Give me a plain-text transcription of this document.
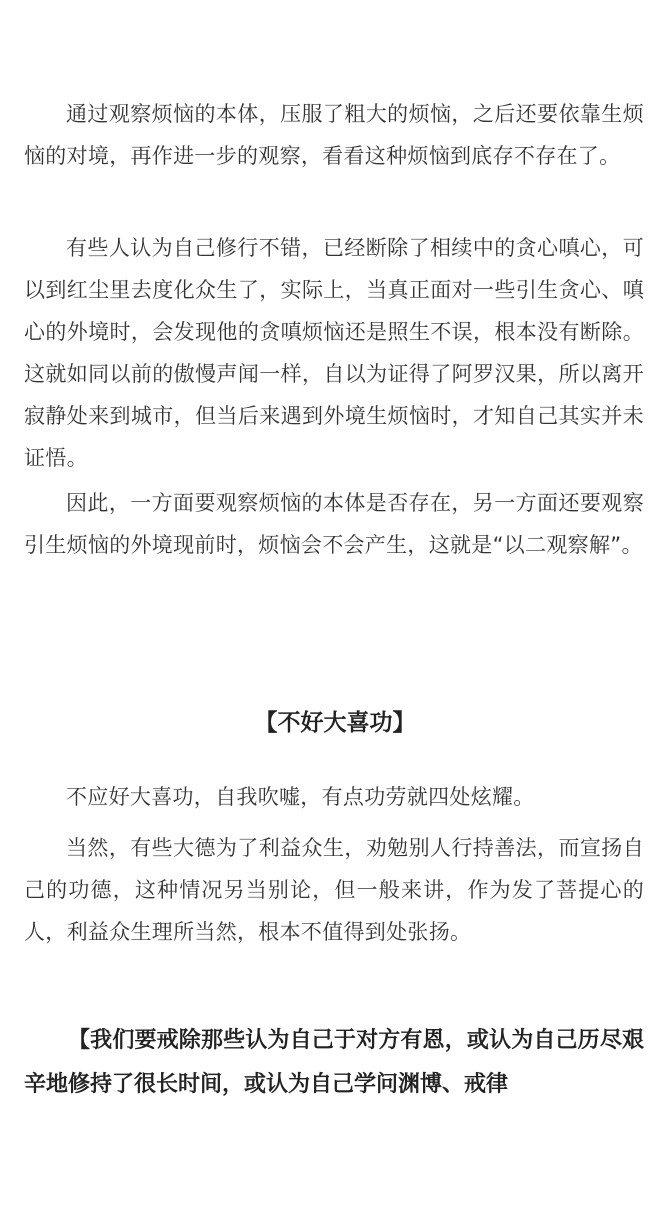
通过观察烦恼的本体，压服了粗大的烦恼，之后还要依靠生烦恼的对境，再作进一步的观察，看看这种烦恼到底存不存在了。

有些人认为自己修行不错，已经断除了相续中的贪心嗔心，可以到红尘里去度化众生了，实际上，当真正面对一些引生贪心、嗔心的外境时，会发现他的贪嗔烦恼还是照生不误，根本没有断除。这就如同以前的傲慢声闻一样，自以为证得了阿罗汉果，所以离开寂静处来到城市，但当后来遇到外境生烦恼时，才知自己其实并未证悟。

因此，一方面要观察烦恼的本体是否存在，另一方面还要观察引生烦恼的外境现前时，烦恼会不会产生，这就是“以二观察解”。

【不好大喜功】

不应好大喜功，自我吹嘘，有点功劳就四处炫耀。

当然，有些大德为了利益众生，劝勉别人行持善法，而宣扬自己的功德，这种情况另当别论，但一般来讲，作为发了菩提心的人，利益众生理所当然，根本不值得到处张扬。

【我们要戒除那些认为自己于对方有恩，或认为自己历尽艰辛地修持了很长时间，或认为自己学问渊博、戒律
